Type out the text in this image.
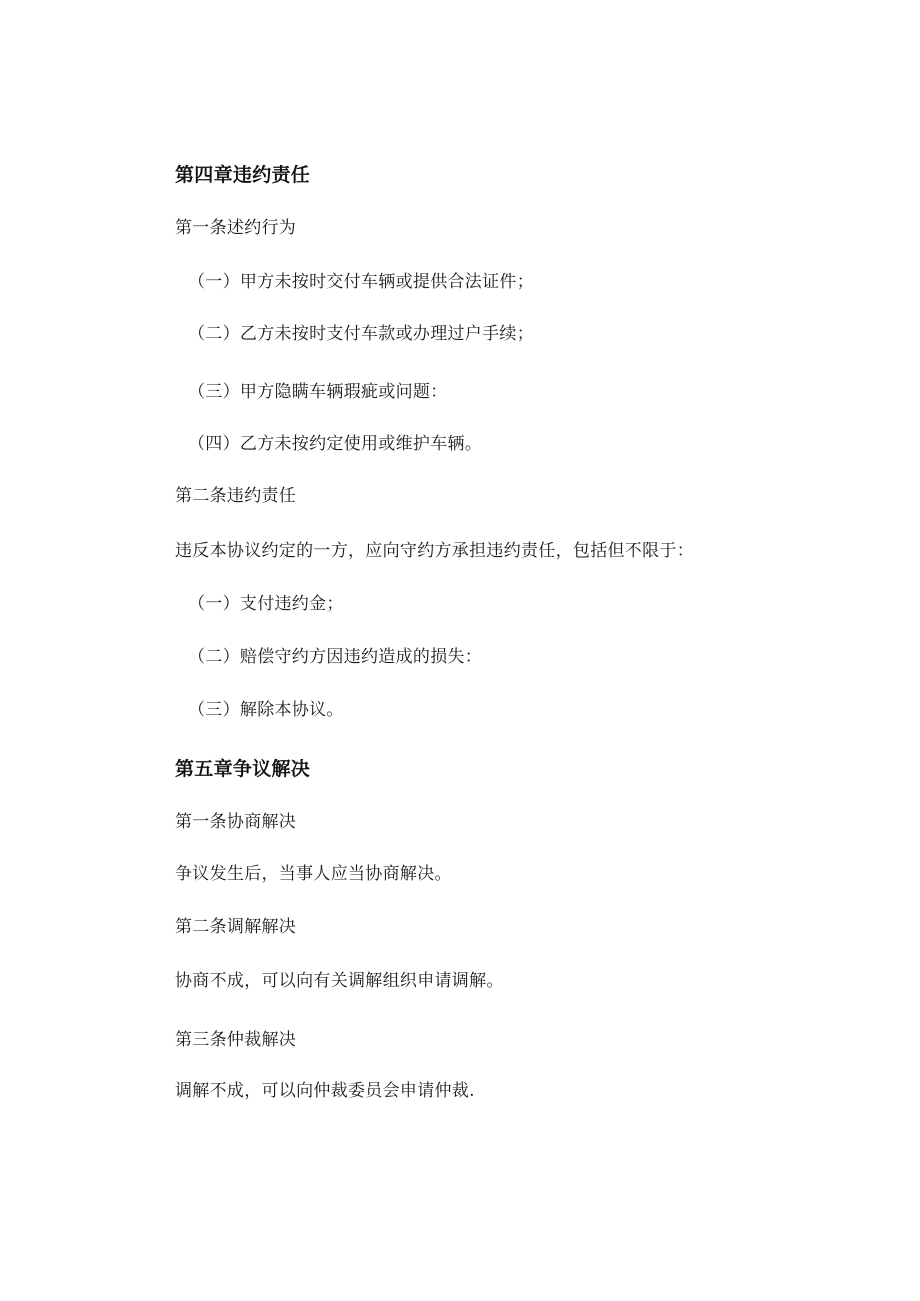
第四章违约责任
第一条述约行为
（一）甲方未按时交付车辆或提供合法证件；
（二）乙方未按时支付车款或办理过户手续；
（三）甲方隐瞒车辆瑕疵或问题：
（四）乙方未按约定使用或维护车辆。
第二条违约责任
违反本协议约定的一方，应向守约方承担违约责任，包括但不限于：
（一）支付违约金；
（二）赔偿守约方因违约造成的损失：
（三）解除本协议。
第五章争议解决
第一条协商解决
争议发生后，当事人应当协商解决。
第二条调解解决
协商不成，可以向有关调解组织申请调解。
第三条仲裁解决
调解不成，可以向仲裁委员会申请仲裁.
